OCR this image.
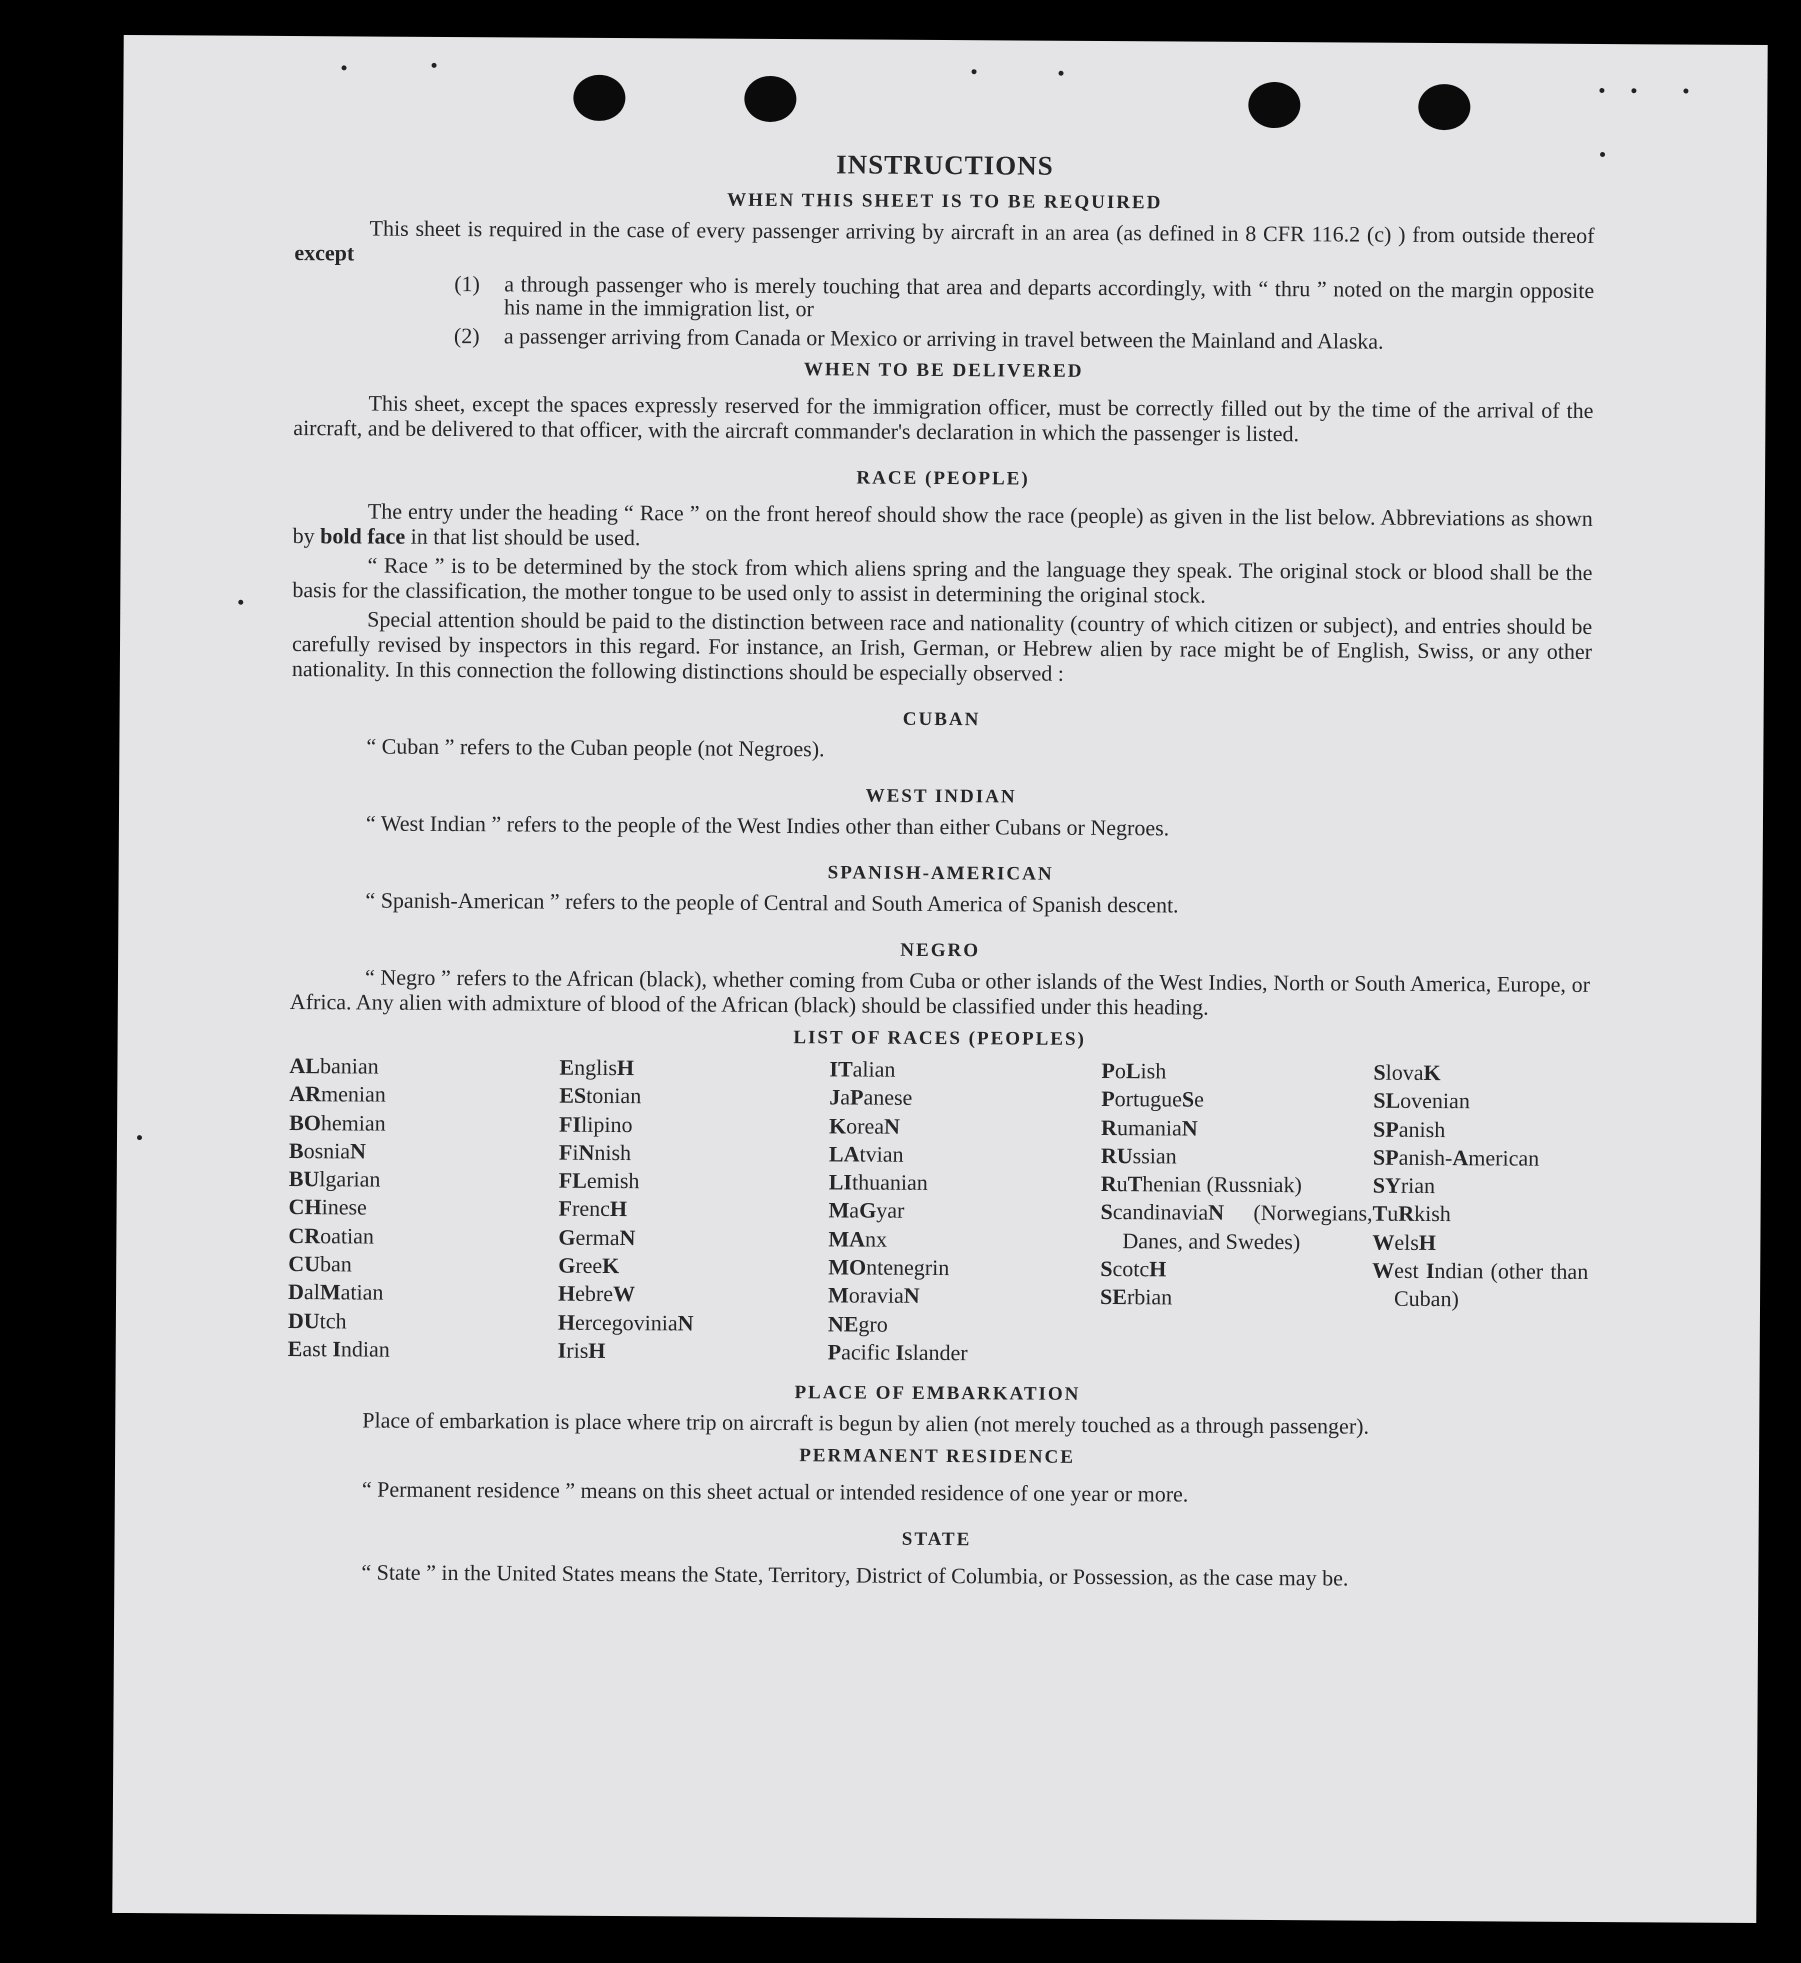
INSTRUCTIONS
WHEN THIS SHEET IS TO BE REQUIRED

This sheet is required in the case of every passenger arriving by aircraft in an area (as defined in 8 CFR 116.2 (c) ) from outside thereof except

(1)	a through passenger who is merely touching that area and departs accordingly, with “ thru ” noted on the margin opposite his name in the immigration list, or
(2)	a passenger arriving from Canada or Mexico or arriving in travel between the Mainland and Alaska.
WHEN TO BE DELIVERED

This sheet, except the spaces expressly reserved for the immigration officer, must be correctly filled out by the time of the arrival of the aircraft, and be delivered to that officer, with the aircraft commander's declaration in which the passenger is listed.

RACE (PEOPLE)

The entry under the heading “ Race ” on the front hereof should show the race (people) as given in the list below. Abbreviations as shown by bold face in that list should be used.

“ Race ” is to be determined by the stock from which aliens spring and the language they speak. The original stock or blood shall be the basis for the classification, the mother tongue to be used only to assist in determining the original stock.

Special attention should be paid to the distinction between race and nationality (country of which citizen or subject), and entries should be carefully revised by inspectors in this regard. For instance, an Irish, German, or Hebrew alien by race might be of English, Swiss, or any other nationality. In this connection the following distinctions should be especially observed :

CUBAN

“ Cuban ” refers to the Cuban people (not Negroes).

WEST INDIAN

“ West Indian ” refers to the people of the West Indies other than either Cubans or Negroes.

SPANISH-AMERICAN

“ Spanish-American ” refers to the people of Central and South America of Spanish descent.

NEGRO

“ Negro ” refers to the African (black), whether coming from Cuba or other islands of the West Indies, North or South America, Europe, or Africa. Any alien with admixture of blood of the African (black) should be classified under this heading.

LIST OF RACES (PEOPLES)
ALbanian
ARmenian
BOhemian
BosniaN
BUlgarian
CHinese
CRoatian
CUban
DalMatian
DUtch
East Indian
EnglisH
EStonian
FIlipino
FiNnish
FLemish
FrencH
GermaN
GreeK
HebreW
HercegoviniaN
IrisH
ITalian
JaPanese
KoreaN
LAtvian
LIthuanian
MaGyar
MAnx
MOntenegrin
MoraviaN
NEgro
Pacific Islander
PoLish
PortugueSe
RumaniaN
RUssian
RuThenian (Russniak)
ScandinaviaN (Norwegians, Danes, and Swedes)
ScotcH
SErbian
SlovaK
SLovenian
SPanish
SPanish-American
SYrian
TuRkish
WelsH
West Indian (other than Cuban)
PLACE OF EMBARKATION

Place of embarkation is place where trip on aircraft is begun by alien (not merely touched as a through passenger).

PERMANENT RESIDENCE

“ Permanent residence ” means on this sheet actual or intended residence of one year or more.

STATE

“ State ” in the United States means the State, Territory, District of Columbia, or Possession, as the case may be.
